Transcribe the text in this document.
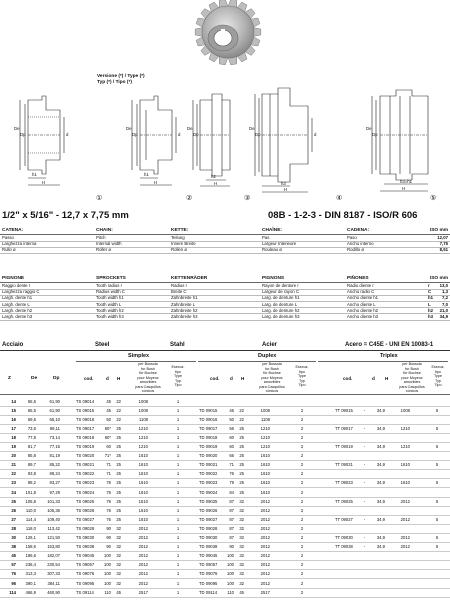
Versione (*) / Type (*)
Typ (*) / Tipo (*)
De
Dp	d
h1
H
De
Dp	d
h1
H
De
Dp
h2
H
De
Dp	d
h3
H
De
Dp
h3=h1
H
①	②	③	④	⑤
1/2" x 5/16" - 12,7 x 7,75 mm	08B - 1-2-3 - DIN 8187 - ISO/R 606
CATENA:	CHAIN:	KETTE:	CHAÎNE:	CADENA:	ISO mm
Passo	Pitch	Teilung	Pas	Paso	12,07
Larghezza interna	Internal width	Innere Breite	Largeur Interieure	Ancho interno	7,75
Rullo ø	Roller ø	Rollen ø	Rouleau ø	Rodillo ø	8,51
PIGNONE	SPROCKETS	KETTENRÄDER	PIGNONS	PIÑONES	ISO mm
Raggio dente r	Tooth radius r	Radius r	Rayon de denture r	Radio diente r	r	13,0
Larghezza raggio C	Radius width C	Breite C	Largeur de rayon C	Ancho radio C	C	1,3
Largh. dente h1	Tooth width h1	Zahnbreite h1	Larg. de denture h1	Ancho diente h1	h1	7,2
Largh. dente L	Tooth width L	Zahnbreite L	Larg. de denture L	Ancho diente L	L	7,0
Largh. dente h2	Tooth width h2	Zahnbreite h2	Larg. de denture h2	Ancho diente h2	h2	21,0
Largh. dente h3	Tooth width h3	Zahnbreite h3	Larg. de denture h3	Ancho diente h3	h3	34,9
Acciaio	Steel	Stahl	Acier	Acero = C45E - UNI EN 10083-1
Simplex	Duplex	Triplex
Z	De	Dp	cod.	d H
per Bussola
for Bush
für Buchse
pour Moyeux
amovibles
para Casquillos
cónicos
Esecuz.
tipo
Type
Typ
Tipo
cod. d H
per Bussola
for Bush
für Buchse
pour Moyeux
amovibles
para Casquillos
cónicos
Esecuz.
tipo
Type
Typ
Tipo
cod.	d H
per Bussola
for Bush
für Buchse
pour Moyeux
amovibles
para Casquillos
cónicos
Esecuz.
tipo
Type
Typ
Tipo
14	65,5	61,90	TS 09014	45	22	1008	1
15	65,5	61,90	TS 09015	45	22	1008	1	TD 09015	46	22	1008	2	TT 09015	-	34,9	1008	5
16	69,5	65,10	TS 09016	50	22	1108	1	TD 09016	50	22	1108	2
17	73,6	69,11	TS 09017	60*	25	1210	1	TD 09017	56	25	1210	2	TT 09017	-	34,9	1210	5
18	77,8	73,14	TS 09018	60*	25	1210	1	TD 09018	60	25	1210	2
19	81,7	77,16	TS 09019	60	25	1210	1	TD 09019	60	25	1210	2	TT 09019	-	34,9	1210	5
20	85,8	81,19	TS 09020	71*	25	1610	1	TD 09020	66	25	1610	2
21	89,7	85,22	TS 09021	71	25	1610	1	TD 09021	71	25	1610	2	TT 09021	-	34,9	1610	5
22	93,8	89,24	TS 09022	71	25	1610	1	TD 09022	76	25	1610	2
23	98,2	93,27	TS 09023	76	25	1610	1	TD 09023	79	25	1610	2	TT 09023	-	34,9	1610	5
24	101,8	97,29	TS 09024	76	25	1610	1	TD 09024	84	25	1610	2
25	105,8	101,33	TS 09025	76	25	1610	1	TD 09025	87	32	2012	2	TT 09025	-	34,9	2012	5
26	110,0	105,36	TS 09026	76	25	1610	1	TD 09026	87	32	2012	2
27	114,4	109,40	TS 09027	76	25	1610	1	TD 09027	87	32	2012	2	TT 09027	-	34,9	2012	5
28	118,0	113,42	TS 09028	90	32	2012	1	TD 09028	87	32	2012	2
30	126,1	121,50	TS 09030	90	32	2012	1	TD 09030	87	32	2012	2	TT 09030	-	34,9	2012	5
38	158,6	153,80	TS 09038	90	32	2012	1	TD 09038	90	32	2012	2	TT 09038	-	34,9	2012	5
45	186,6	182,07	TS 09045	100	32	2012	1	TD 09045	100	32	2012	2
57	236,4	230,54	TS 09057	100	32	2012	1	TD 09057	100	32	2012	2
76	313,3	307,33	TS 09076	100	32	2012	1	TD 09076	100	32	2012	2
95	390,1	384,11	TS 09095	100	32	2012	1	TD 09095	100	32	2012	2
114	466,9	460,90	TS 09114	110	45	2517	1	TD 09114	110	45	2517	2
